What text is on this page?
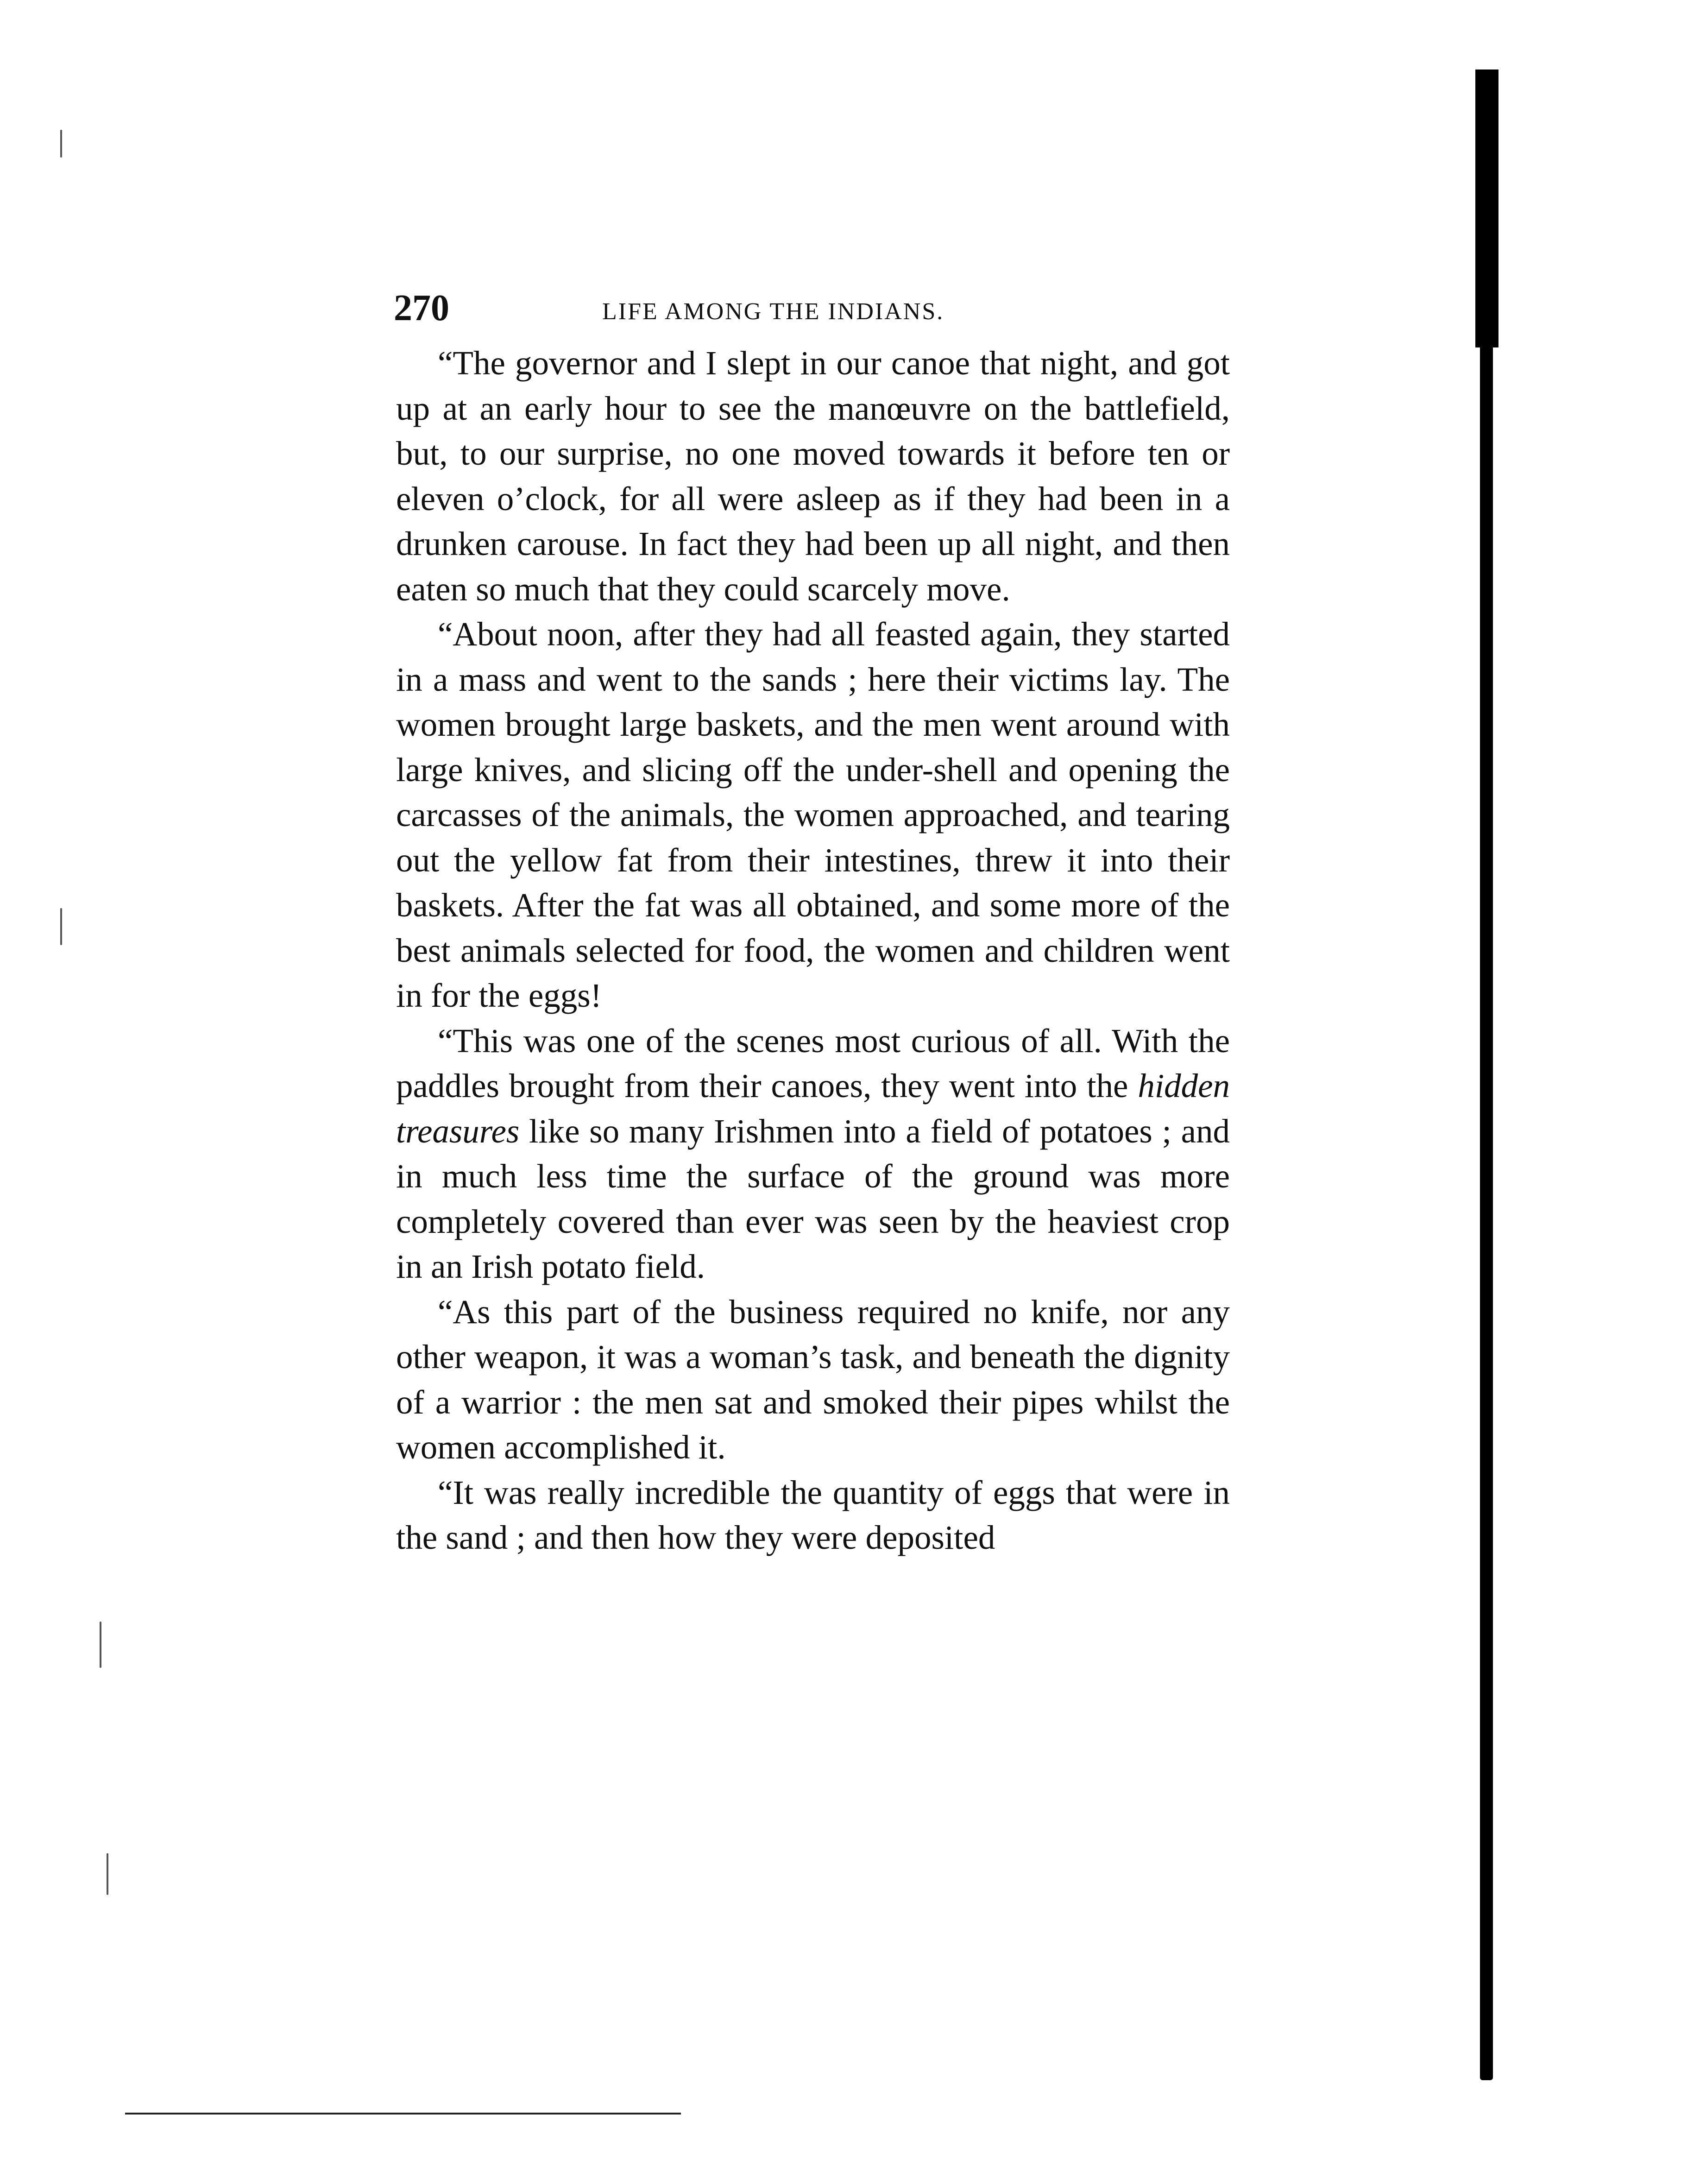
270	LIFE AMONG THE INDIANS.

“The governor and I slept in our canoe that night, and got up at an early hour to see the manœuvre on the battlefield, but, to our surprise, no one moved towards it before ten or eleven o’clock, for all were asleep as if they had been in a drunken carouse. In fact they had been up all night, and then eaten so much that they could scarcely move.

“About noon, after they had all feasted again, they started in a mass and went to the sands ; here their victims lay. The women brought large baskets, and the men went around with large knives, and slicing off the under-shell and opening the carcasses of the animals, the women approached, and tearing out the yellow fat from their intestines, threw it into their baskets. After the fat was all obtained, and some more of the best animals selected for food, the women and children went in for the eggs!

“This was one of the scenes most curious of all. With the paddles brought from their canoes, they went into the hidden treasures like so many Irishmen into a field of potatoes ; and in much less time the surface of the ground was more completely covered than ever was seen by the heaviest crop in an Irish potato field.

“As this part of the business required no knife, nor any other weapon, it was a woman’s task, and beneath the dignity of a warrior : the men sat and smoked their pipes whilst the women accomplished it.

“It was really incredible the quantity of eggs that were in the sand ; and then how they were deposited
